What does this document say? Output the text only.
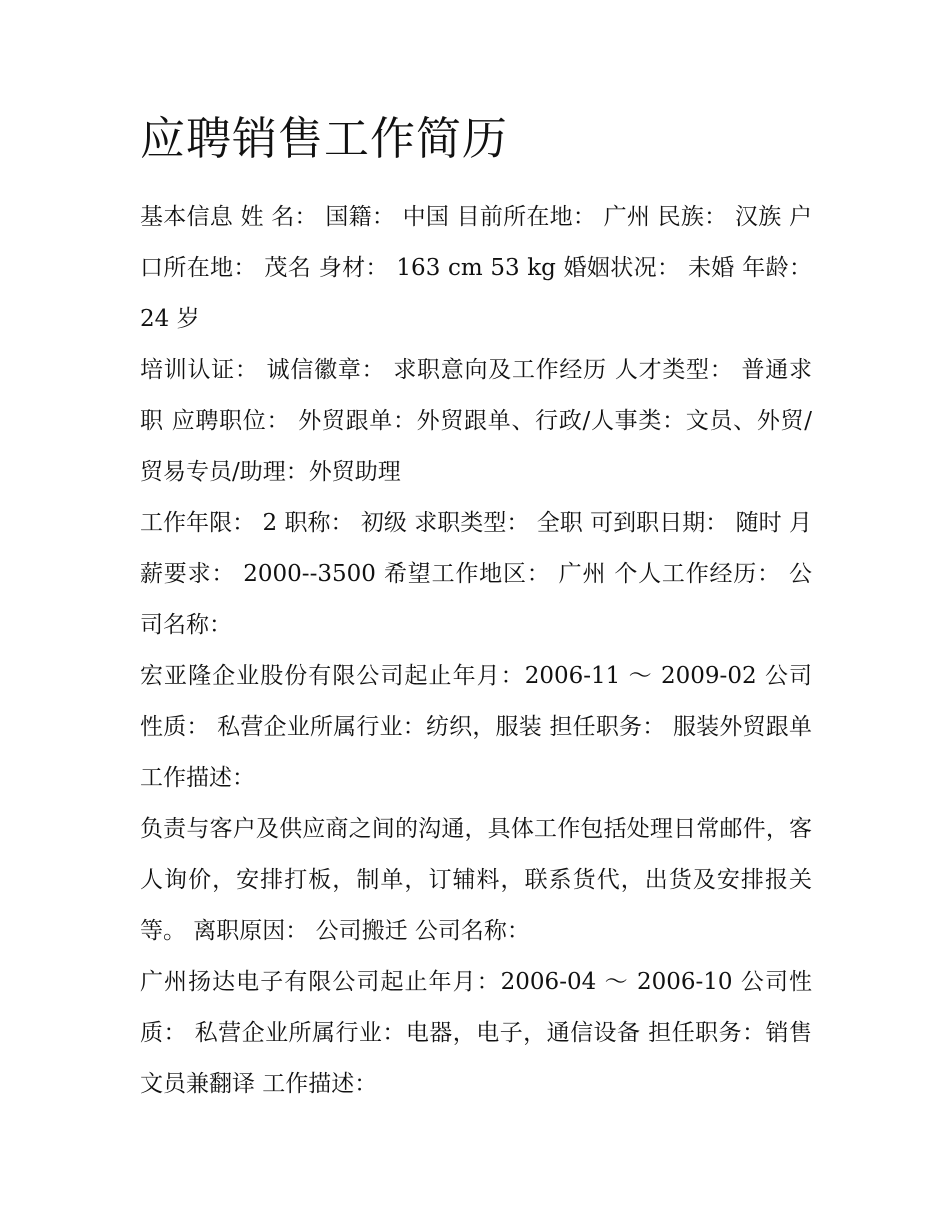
应聘销售工作简历

基本信息 姓 名： 国籍： 中国 目前所在地： 广州 民族： 汉族 户口所在地： 茂名 身材： 163 cm 53 kg 婚姻状况： 未婚 年龄： 24 岁

培训认证： 诚信徽章： 求职意向及工作经历 人才类型： 普通求职 应聘职位： 外贸跟单：外贸跟单、行政/人事类：文员、外贸/贸易专员/助理：外贸助理

工作年限： 2 职称： 初级 求职类型： 全职 可到职日期： 随时 月薪要求： 2000--3500 希望工作地区： 广州 个人工作经历： 公司名称：

宏亚隆企业股份有限公司起止年月：2006-11 ～ 2009-02 公司性质： 私营企业所属行业：纺织，服装 担任职务： 服装外贸跟单 工作描述：

负责与客户及供应商之间的沟通，具体工作包括处理日常邮件，客人询价，安排打板，制单，订辅料，联系货代，出货及安排报关等。 离职原因： 公司搬迁 公司名称：

广州扬达电子有限公司起止年月：2006-04 ～ 2006-10 公司性质： 私营企业所属行业：电器，电子，通信设备 担任职务：销售文员兼翻译 工作描述：
